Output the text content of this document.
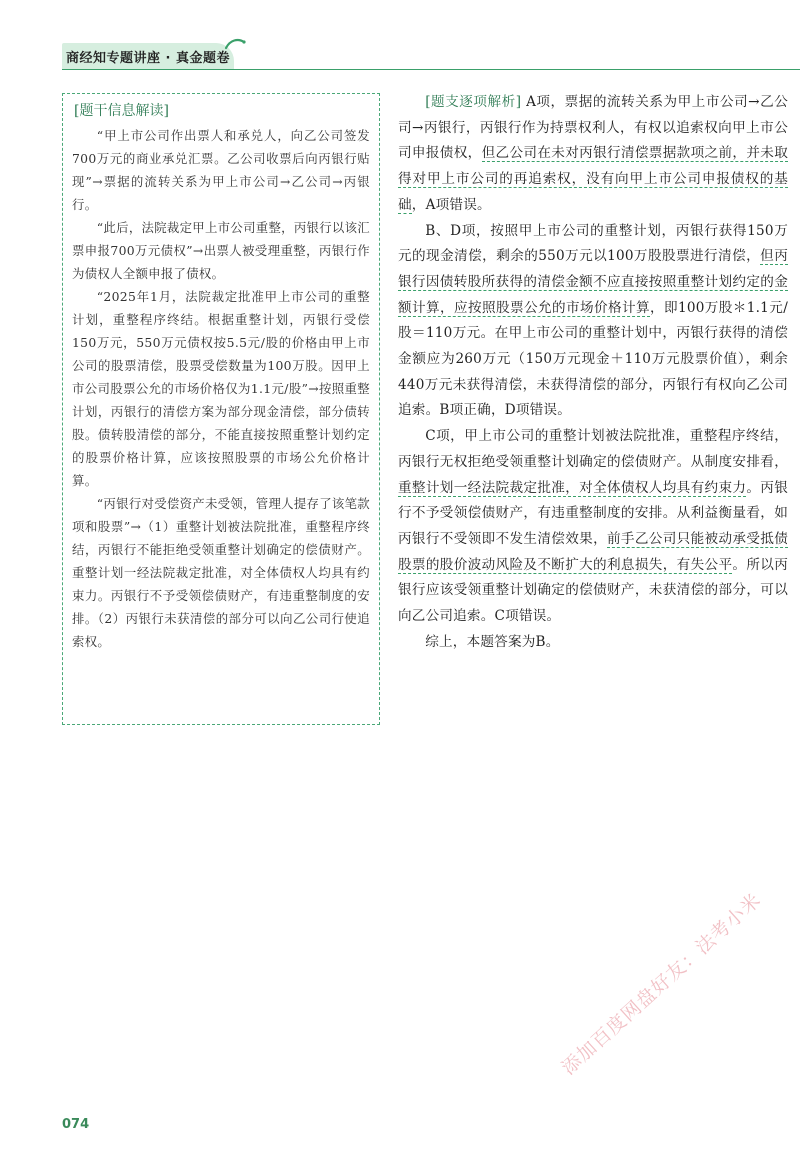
商经知专题讲座 · 真金题卷
[题干信息解读]

“甲上市公司作出票人和承兑人，向乙公司签发700万元的商业承兑汇票。乙公司收票后向丙银行贴现”→票据的流转关系为甲上市公司→乙公司→丙银行。

“此后，法院裁定甲上市公司重整，丙银行以该汇票申报700万元债权”→出票人被受理重整，丙银行作为债权人全额申报了债权。

“2025年1月，法院裁定批准甲上市公司的重整计划，重整程序终结。根据重整计划，丙银行受偿150万元，550万元债权按5.5元/股的价格由甲上市公司的股票清偿，股票受偿数量为100万股。因甲上市公司股票公允的市场价格仅为1.1元/股”→按照重整计划，丙银行的清偿方案为部分现金清偿，部分债转股。债转股清偿的部分，不能直接按照重整计划约定的股票价格计算，应该按照股票的市场公允价格计算。

“丙银行对受偿资产未受领，管理人提存了该笔款项和股票”→（1）重整计划被法院批准，重整程序终结，丙银行不能拒绝受领重整计划确定的偿债财产。重整计划一经法院裁定批准，对全体债权人均具有约束力。丙银行不予受领偿债财产，有违重整制度的安排。（2）丙银行未获清偿的部分可以向乙公司行使追索权。

[题支逐项解析] A项，票据的流转关系为甲上市公司→乙公司→丙银行，丙银行作为持票权利人，有权以追索权向甲上市公司申报债权，但乙公司在未对丙银行清偿票据款项之前，并未取得对甲上市公司的再追索权，没有向甲上市公司申报债权的基础，A项错误。

B、D项，按照甲上市公司的重整计划，丙银行获得150万元的现金清偿，剩余的550万元以100万股股票进行清偿，但丙银行因债转股所获得的清偿金额不应直接按照重整计划约定的金额计算，应按照股票公允的市场价格计算，即100万股＊1.1元/股＝110万元。在甲上市公司的重整计划中，丙银行获得的清偿金额应为260万元（150万元现金＋110万元股票价值），剩余440万元未获得清偿，未获得清偿的部分，丙银行有权向乙公司追索。B项正确，D项错误。

C项，甲上市公司的重整计划被法院批准，重整程序终结，丙银行无权拒绝受领重整计划确定的偿债财产。从制度安排看，重整计划一经法院裁定批准，对全体债权人均具有约束力。丙银行不予受领偿债财产，有违重整制度的安排。从利益衡量看，如丙银行不受领即不发生清偿效果，前手乙公司只能被动承受抵债股票的股价波动风险及不断扩大的利息损失，有失公平。所以丙银行应该受领重整计划确定的偿债财产，未获清偿的部分，可以向乙公司追索。C项错误。

综上，本题答案为B。

074
添加百度网盘好友：法考小米
